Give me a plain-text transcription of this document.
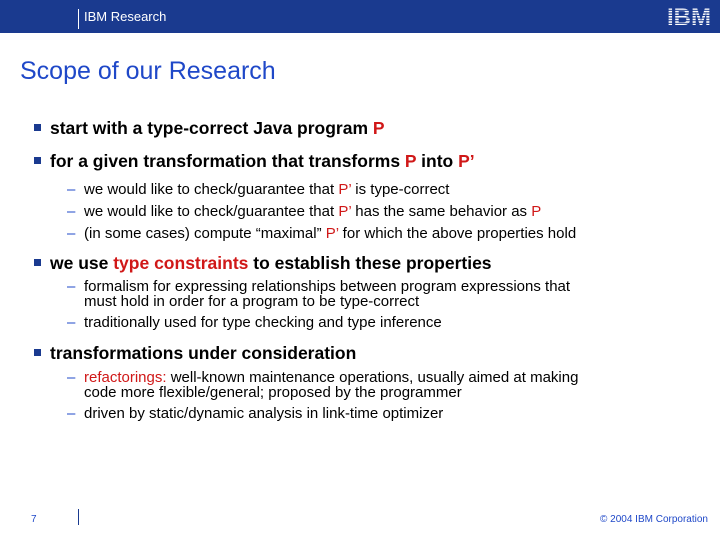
IBM Research	IBM
Scope of our Research
start with a type-correct Java program P
for a given transformation that transforms P into P’
– we would like to check/guarantee that P’ is type-correct
– we would like to check/guarantee that P’ has the same behavior as P
– (in some cases) compute “maximal” P’ for which the above properties hold
we use type constraints to establish these properties
– formalism for expressing relationships between program expressions that
must hold in order for a program to be type-correct
– traditionally used for type checking and type inference
transformations under consideration
– refactorings: well-known maintenance operations, usually aimed at making
code more flexible/general; proposed by the programmer
– driven by static/dynamic analysis in link-time optimizer
7	© 2004 IBM Corporation
